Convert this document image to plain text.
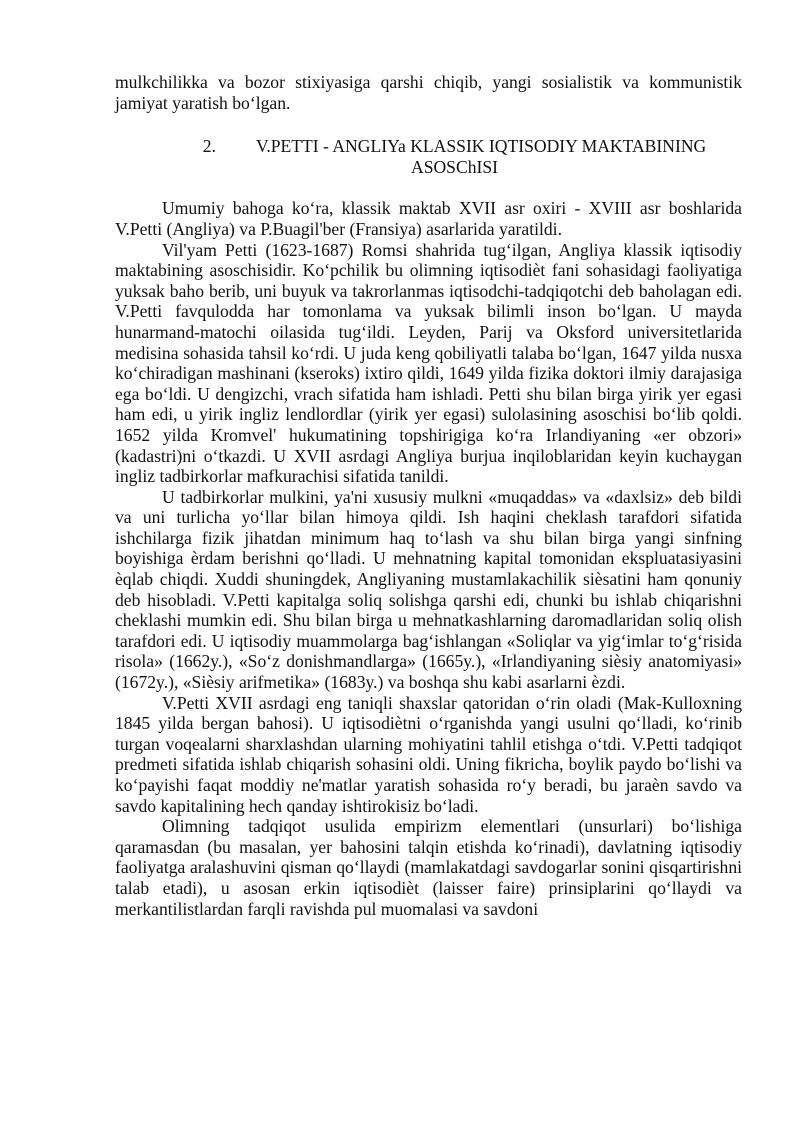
mulkchilikka va bozor stixiyasiga qarshi chiqib, yangi sosialistik va kommunistik jamiyat yaratish bo‘lgan.

2. V.PETTI - ANGLIYa KLASSIK IQTISODIY MAKTABINING ASOSChISI

Umumiy bahoga ko‘ra, klassik maktab XVII asr oxiri - XVIII asr boshlarida V.Petti (Angliya) va P.Buagil'ber (Fransiya) asarlarida yaratildi.

Vil'yam Petti (1623-1687) Romsi shahrida tug‘ilgan, Angliya klassik iqtisodiy maktabining asoschisidir. Ko‘pchilik bu olimning iqtisodièt fani sohasidagi faoliyatiga yuksak baho berib, uni buyuk va takrorlanmas iqtisodchi-tadqiqotchi deb baholagan edi. V.Petti favqulodda har tomonlama va yuksak bilimli inson bo‘lgan. U mayda hunarmand-matochi oilasida tug‘ildi. Leyden, Parij va Oksford universitetlarida medisina sohasida tahsil ko‘rdi. U juda keng qobiliyatli talaba bo‘lgan, 1647 yilda nusxa ko‘chiradigan mashinani (kseroks) ixtiro qildi, 1649 yilda fizika doktori ilmiy darajasiga ega bo‘ldi. U dengizchi, vrach sifatida ham ishladi. Petti shu bilan birga yirik yer egasi ham edi, u yirik ingliz lendlordlar (yirik yer egasi) sulolasining asoschisi bo‘lib qoldi. 1652 yilda Kromvel' hukumatining topshirigiga ko‘ra Irlandiyaning «er obzori» (kadastri)ni o‘tkazdi. U XVII asrdagi Angliya burjua inqiloblaridan keyin kuchaygan ingliz tadbirkorlar mafkurachisi sifatida tanildi.

U tadbirkorlar mulkini, ya'ni xususiy mulkni «muqaddas» va «daxlsiz» deb bildi va uni turlicha yo‘llar bilan himoya qildi. Ish haqini cheklash tarafdori sifatida ishchilarga fizik jihatdan minimum haq to‘lash va shu bilan birga yangi sinfning boyishiga èrdam berishni qo‘lladi. U mehnatning kapital tomonidan ekspluatasiyasini èqlab chiqdi. Xuddi shuningdek, Angliyaning mustamlakachilik sièsatini ham qonuniy deb hisobladi. V.Petti kapitalga soliq solishga qarshi edi, chunki bu ishlab chiqarishni cheklashi mumkin edi. Shu bilan birga u mehnatkashlarning daromadlaridan soliq olish tarafdori edi. U iqtisodiy muammolarga bag‘ishlangan «Soliqlar va yig‘imlar to‘g‘risida risola» (1662y.), «So‘z donishmandlarga» (1665y.), «Irlandiyaning sièsiy anatomiyasi» (1672y.), «Sièsiy arifmetika» (1683y.) va boshqa shu kabi asarlarni èzdi.

V.Petti XVII asrdagi eng taniqli shaxslar qatoridan o‘rin oladi (Mak-Kulloxning 1845 yilda bergan bahosi). U iqtisodiètni o‘rganishda yangi usulni qo‘lladi, ko‘rinib turgan voqealarni sharxlashdan ularning mohiyatini tahlil etishga o‘tdi. V.Petti tadqiqot predmeti sifatida ishlab chiqarish sohasini oldi. Uning fikricha, boylik paydo bo‘lishi va ko‘payishi faqat moddiy ne'matlar yaratish sohasida ro‘y beradi, bu jaraèn savdo va savdo kapitalining hech qanday ishtirokisiz bo‘ladi.

Olimning tadqiqot usulida empirizm elementlari (unsurlari) bo‘lishiga qaramasdan (bu masalan, yer bahosini talqin etishda ko‘rinadi), davlatning iqtisodiy faoliyatga aralashuvini qisman qo‘llaydi (mamlakatdagi savdogarlar sonini qisqartirishni talab etadi), u asosan erkin iqtisodièt (laisser faire) prinsiplarini qo‘llaydi va merkantilistlardan farqli ravishda pul muomalasi va savdoni
